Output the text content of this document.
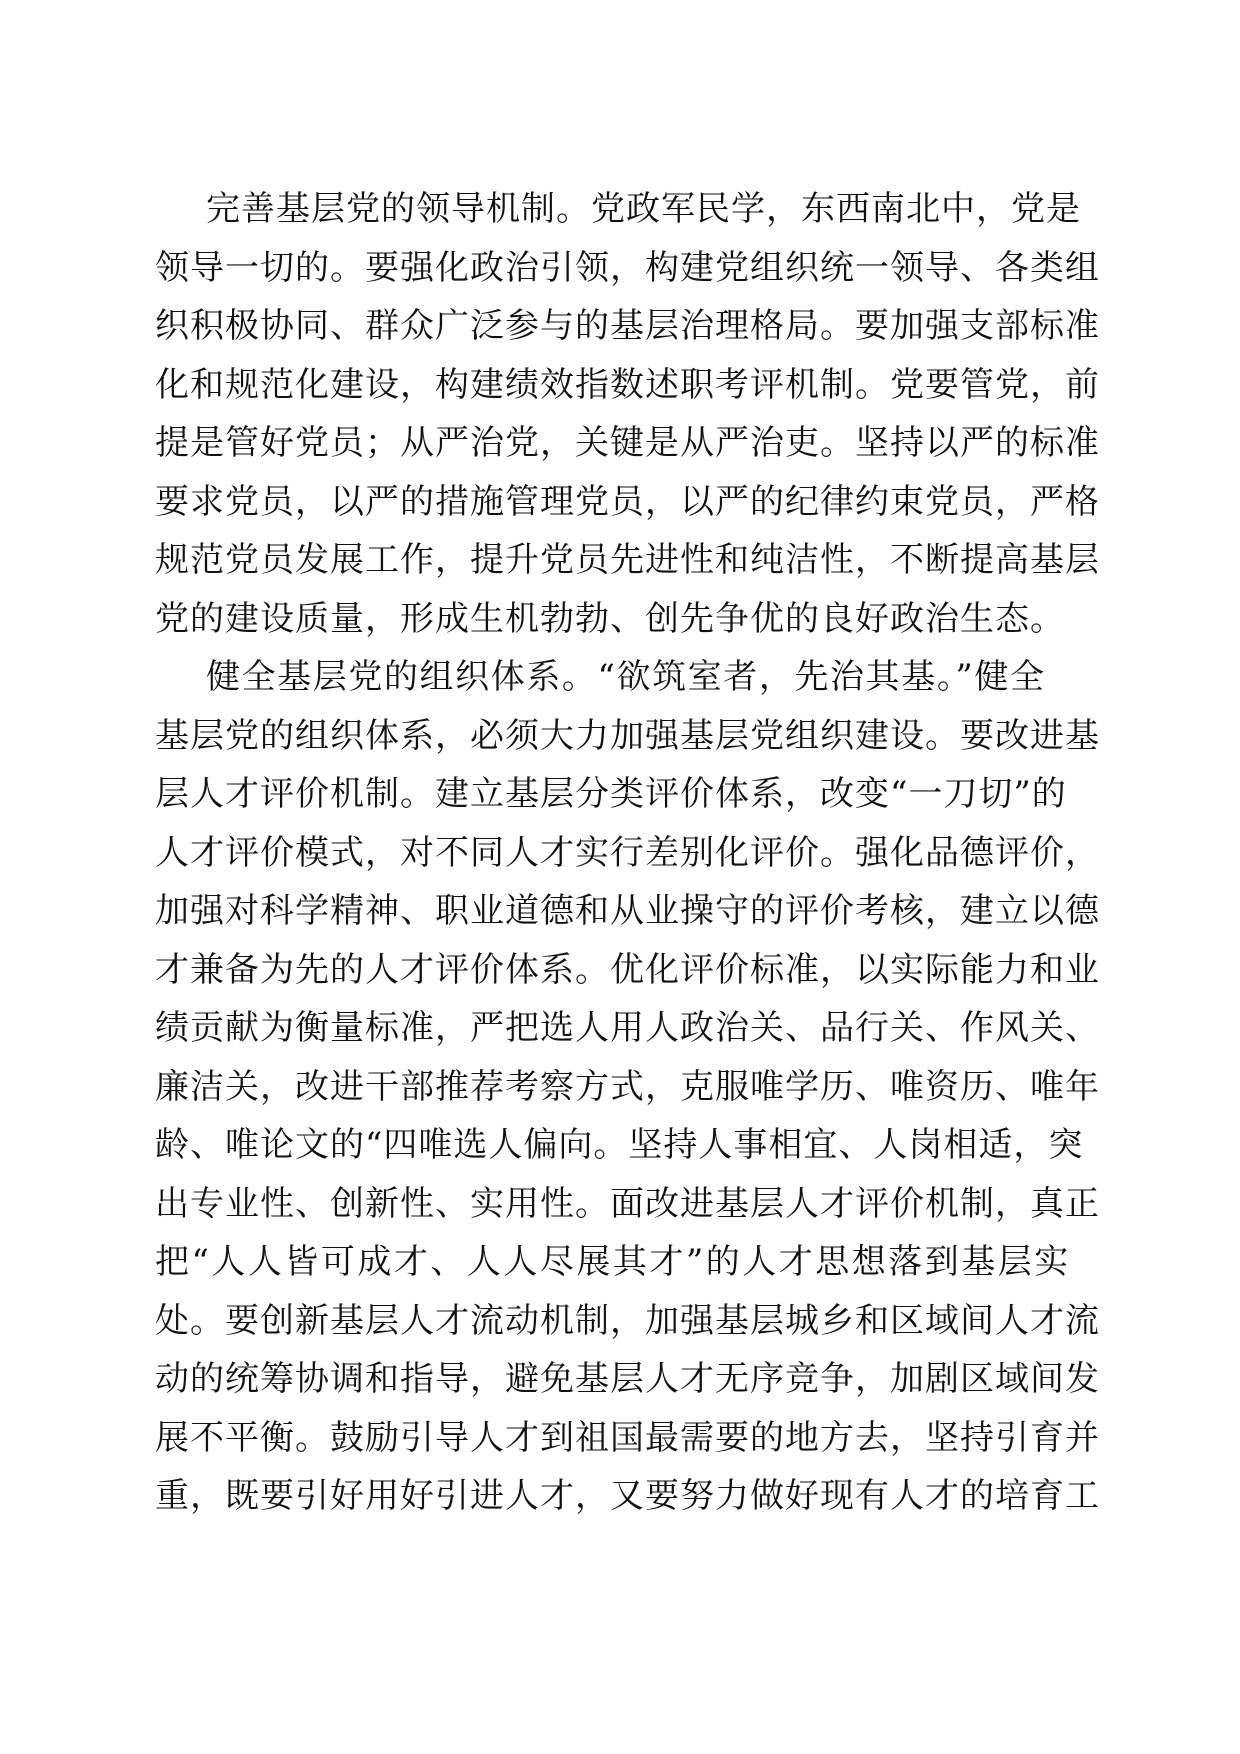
完善基层党的领导机制。党政军民学，东西南北中，党是
领导一切的。要强化政治引领，构建党组织统一领导、各类组
织积极协同、群众广泛参与的基层治理格局。要加强支部标准
化和规范化建设，构建绩效指数述职考评机制。党要管党，前
提是管好党员；从严治党，关键是从严治吏。坚持以严的标准
要求党员，以严的措施管理党员，以严的纪律约束党员，严格
规范党员发展工作，提升党员先进性和纯洁性，不断提高基层
党的建设质量，形成生机勃勃、创先争优的良好政治生态。
健全基层党的组织体系。“欲筑室者，先治其基。”健全
基层党的组织体系，必须大力加强基层党组织建设。要改进基
层人才评价机制。建立基层分类评价体系，改变“一刀切”的
人才评价模式，对不同人才实行差别化评价。强化品德评价，
加强对科学精神、职业道德和从业操守的评价考核，建立以德
才兼备为先的人才评价体系。优化评价标准，以实际能力和业
绩贡献为衡量标准，严把选人用人政治关、品行关、作风关、
廉洁关，改进干部推荐考察方式，克服唯学历、唯资历、唯年
龄、唯论文的“四唯选人偏向。坚持人事相宜、人岗相适，突
出专业性、创新性、实用性。面改进基层人才评价机制，真正
把“人人皆可成才、人人尽展其才”的人才思想落到基层实
处。要创新基层人才流动机制，加强基层城乡和区域间人才流
动的统筹协调和指导，避免基层人才无序竞争，加剧区域间发
展不平衡。鼓励引导人才到祖国最需要的地方去，坚持引育并
重，既要引好用好引进人才，又要努力做好现有人才的培育工
